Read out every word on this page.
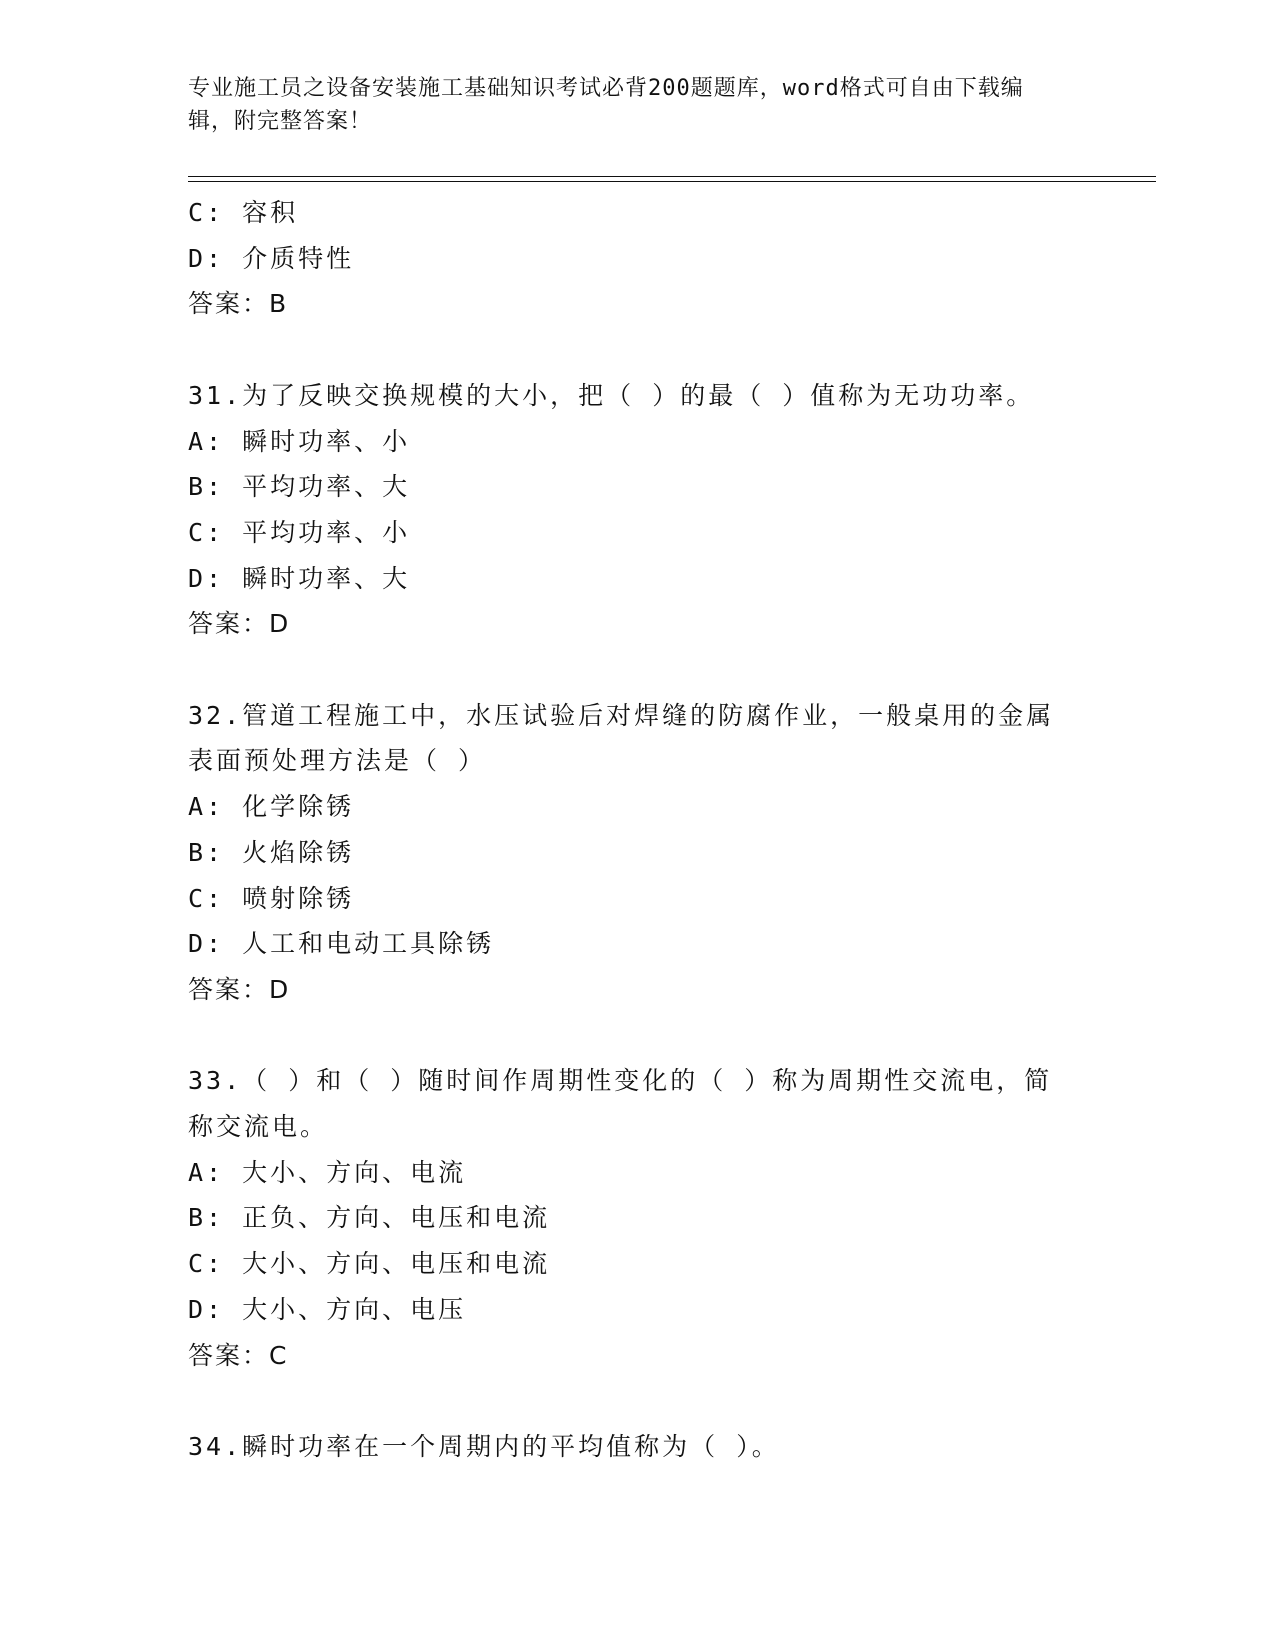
专业施工员之设备安装施工基础知识考试必背200题题库，word格式可自由下载编辑，附完整答案！
C: 容积
D: 介质特性
答案：B
31.为了反映交换规模的大小，把（ ）的最（ ）值称为无功功率。
A: 瞬时功率、小
B: 平均功率、大
C: 平均功率、小
D: 瞬时功率、大
答案：D
32.管道工程施工中，水压试验后对焊缝的防腐作业，一般桌用的金属
表面预处理方法是（ ）
A: 化学除锈
B: 火焰除锈
C: 喷射除锈
D: 人工和电动工具除锈
答案：D
33.（ ）和（ ）随时间作周期性变化的（ ）称为周期性交流电，简
称交流电。
A: 大小、方向、电流
B: 正负、方向、电压和电流
C: 大小、方向、电压和电流
D: 大小、方向、电压
答案：C
34.瞬时功率在一个周期内的平均值称为（ ）。
